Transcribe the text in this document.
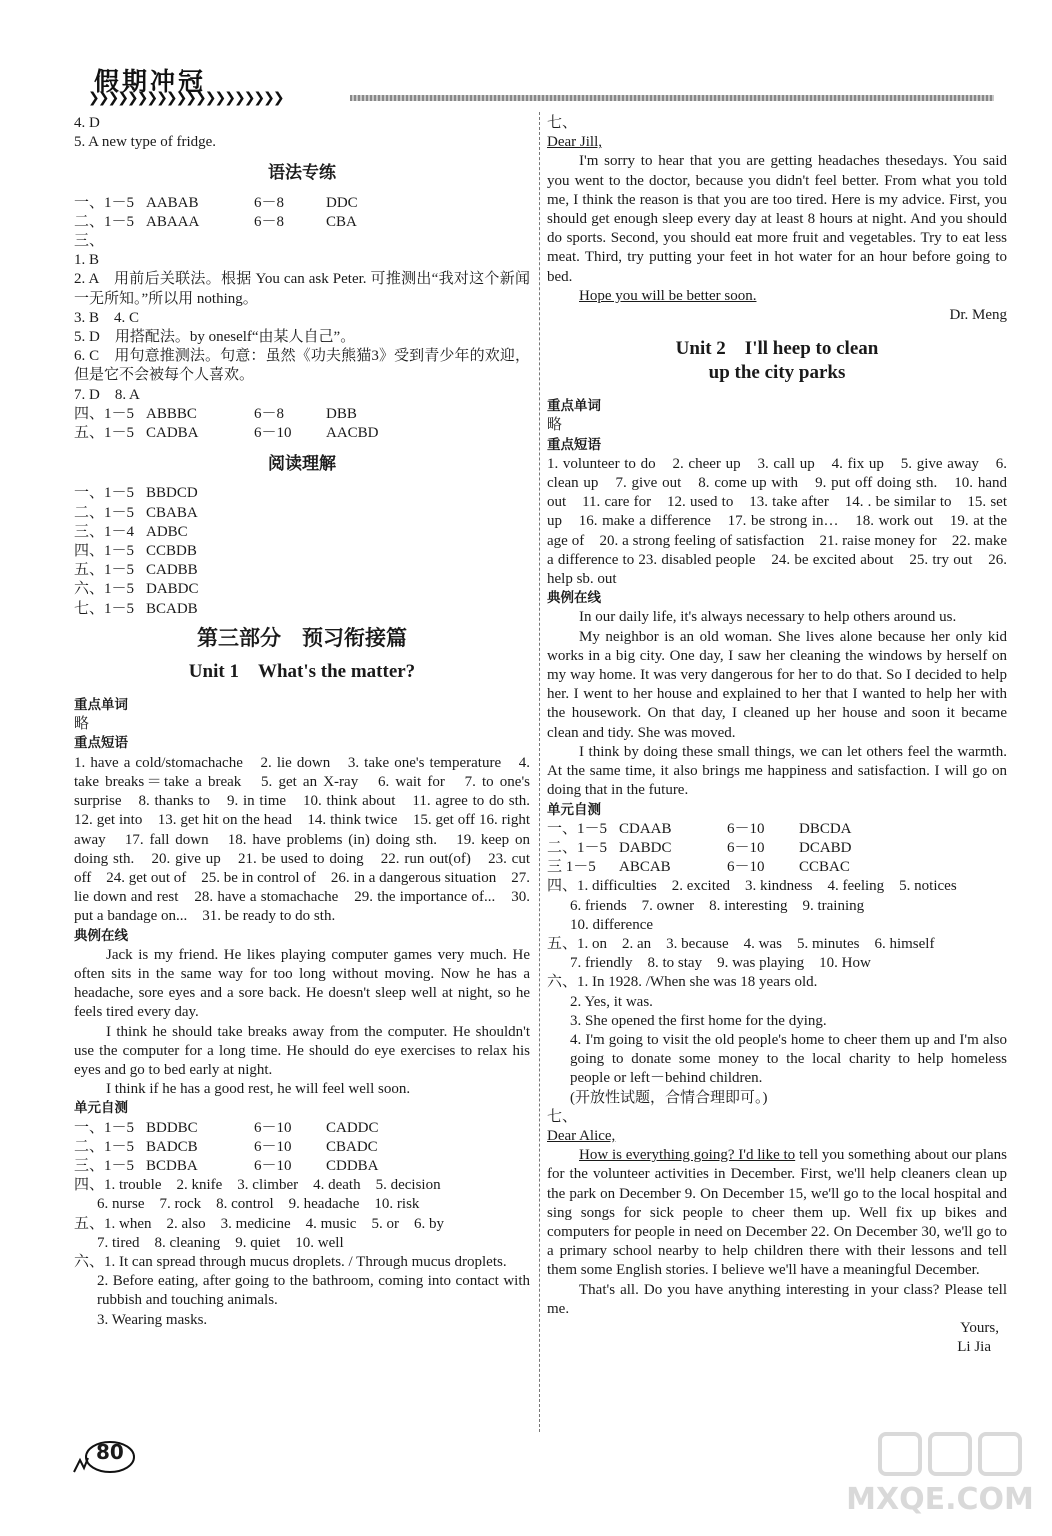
假期冲冠
❯❯❯❯❯❯❯❯❯❯❯❯❯❯❯❯❯❯❯❯

4. D

5. A new type of fridge.

语法专练
一、1－5 AABAB	6－8	DDC
二、1－5 ABAAA	6－8	CBA

三、

1. B

2. A　用前后关联法。根据 You can ask Peter. 可推测出“我对这个新闻一无所知。”所以用 nothing。

3. B　4. C

5. D　用搭配法。by oneself“由某人自己”。

6. C　用句意推测法。句意：虽然《功夫熊猫3》受到青少年的欢迎，但是它不会被每个人喜欢。

7. D　8. A

四、1－5 ABBBC	6－8	DBB
五、1－5 CADBA	6－10	AACBD
阅读理解
一、1－5 BBDCD
二、1－5 CBABA
三、1－4 ADBC
四、1－5 CCBDB
五、1－5 CADBB
六、1－5 DABDC
七、1－5 BCADB
第三部分　预习衔接篇
Unit 1　What's the matter?

重点单词

略

重点短语

1. have a cold/stomachache　2. lie down　3. take one's temperature　4. take breaks＝take a break　5. get an X-ray　6. wait for　7. to one's surprise　8. thanks to　9. in time　10. think about　11. agree to do sth.　12. get into　13. get hit on the head　14. think twice　15. get off 16. right away　17. fall down　18. have problems (in) doing sth.　19. keep on doing sth.　20. give up　21. be used to doing　22. run out(of)　23. cut off　24. get out of　25. be in control of　26. in a dangerous situation　27. lie down and rest　28. have a stomachache　29. the importance of...　30. put a bandage on...　31. be ready to do sth.

典例在线

Jack is my friend. He likes playing computer games very much. He often sits in the same way for too long without moving. Now he has a headache, sore eyes and a sore back. He doesn't sleep well at night, so he feels tired every day.

I think he should take breaks away from the computer. He shouldn't use the computer for a long time. He should do eye exercises to relax his eyes and go to bed early at night.

I think if he has a good rest, he will feel well soon.

单元自测

一、1－5 BDDBC	6－10	CADDC
二、1－5 BADCB	6－10	CBADC
三、1－5 BCDBA	6－10	CDDBA

四、1. trouble　2. knife　3. climber　4. death　5. decision

6. nurse　7. rock　8. control　9. headache　10. risk

五、1. when　2. also　3. medicine　4. music　5. or　6. by

7. tired　8. cleaning　9. quiet　10. well

六、1. It can spread through mucus droplets. / Through mucus droplets.

2. Before eating, after going to the bathroom, coming into contact with rubbish and touching animals.

3. Wearing masks.

七、

Dear Jill,

I'm sorry to hear that you are getting headaches thesedays. You said you went to the doctor, because you didn't feel better. From what you told me, I think the reason is that you are too tired. Here is my advice. First, you should get enough sleep every day at least 8 hours at night. And you should do sports. Second, you should eat more fruit and vegetables. Try to eat less meat. Third, try putting your feet in hot water for an hour before going to bed.

Hope you will be better soon.

Dr. Meng

Unit 2　I'll heep to clean
up the city parks

重点单词

略

重点短语

1. volunteer to do　2. cheer up　3. call up　4. fix up　5. give away　6. clean up　7. give out　8. come up with　9. put off doing sth.　10. hand out　11. care for　12. used to　13. take after　14. . be similar to　15. set up　16. make a difference　17. be strong in…　18. work out　19. at the age of　20. a strong feeling of satisfaction　21. raise money for　22. make a difference to 23. disabled people　24. be excited about　25. try out　26. help sb. out

典例在线

In our daily life, it's always necessary to help others around us.

My neighbor is an old woman. She lives alone because her only kid works in a big city. One day, I saw her cleaning the windows by herself on my way home. It was very dangerous for her to do that. So I decided to help her. I went to her house and explained to her that I wanted to help her with the housework. On that day, I cleaned up her house and soon it became clean and tidy. She was moved.

I think by doing these small things, we can let others feel the warmth. At the same time, it also brings me happiness and satisfaction. I will go on doing that in the future.

单元自测

一、1－5 CDAAB	6－10	DBCDA
二、1－5 DABDC	6－10	DCABD
三 1－5	ABCAB	6－10	CCBAC

四、1. difficulties　2. excited　3. kindness　4. feeling　5. notices

6. friends　7. owner　8. interesting　9. training

10. difference

五、1. on　2. an　3. because　4. was　5. minutes　6. himself

7. friendly　8. to stay　9. was playing　10. How

六、1. In 1928. /When she was 18 years old.

2. Yes, it was.

3. She opened the first home for the dying.

4. I'm going to visit the old people's home to cheer them up and I'm also going to donate some money to the local charity to help homeless people or left－behind children.

(开放性试题，合情合理即可。)

七、

Dear Alice,

How is everything going? I'd like to tell you something about our plans for the volunteer activities in December. First, we'll help cleaners clean up the park on December 9. On December 15, we'll go to the local hospital and sing songs for sick people to cheer them up. Well fix up bikes and computers for people in need on December 22. On December 30, we'll go to a primary school nearby to help children there with their lessons and tell them some English stories. I believe we'll have a meaningful December.

That's all. Do you have anything interesting in your class? Please tell me.

Yours,

Li Jia

80
MXQE.COM
